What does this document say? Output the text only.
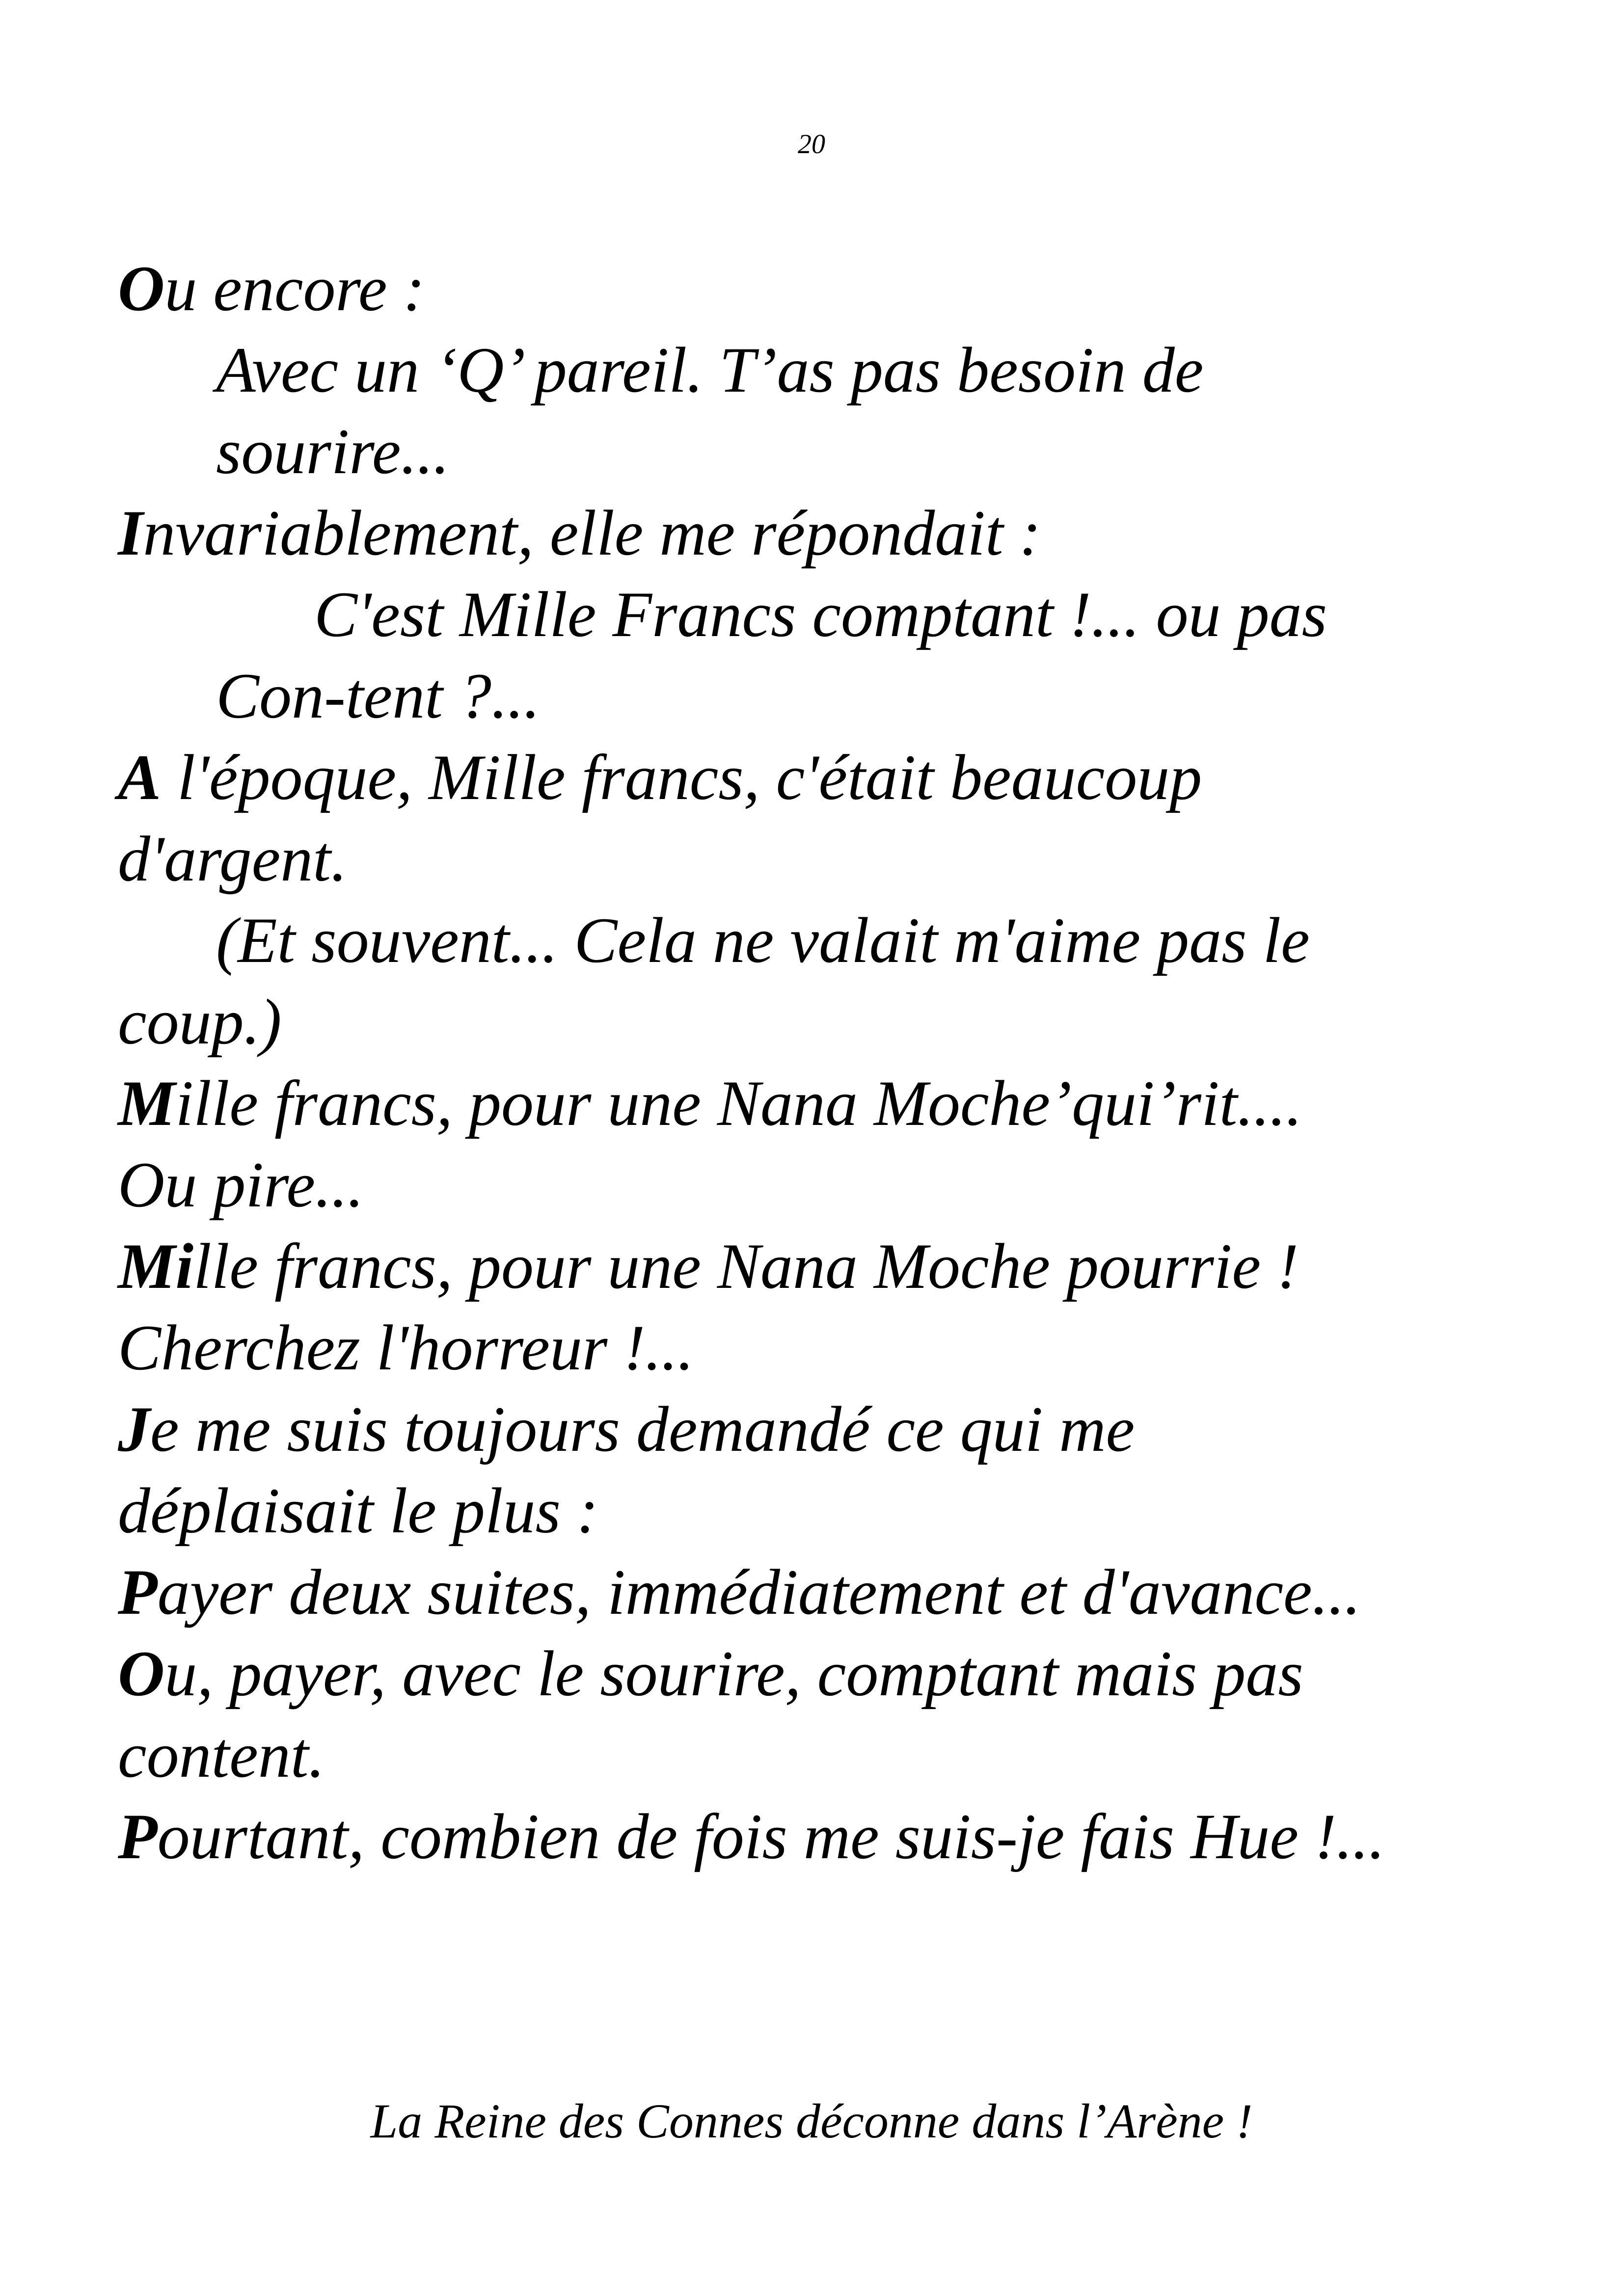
20
Ou encore :
Avec un ‘Q’ pareil. T’as pas besoin de
sourire...
Invariablement, elle me répondait :
C'est Mille Francs comptant !... ou pas
Con-tent ?...
A l'époque, Mille francs, c'était beaucoup
d'argent.
(Et souvent... Cela ne valait m'aime pas le
coup.)
Mille francs, pour une Nana Moche’qui’rit....
Ou pire...
Mille francs, pour une Nana Moche pourrie !
Cherchez l'horreur !...
Je me suis toujours demandé ce qui me
déplaisait le plus :
Payer deux suites, immédiatement et d'avance...
Ou, payer, avec le sourire, comptant mais pas
content.
Pourtant, combien de fois me suis-je fais Hue !...
La Reine des Connes déconne dans l’Arène !
